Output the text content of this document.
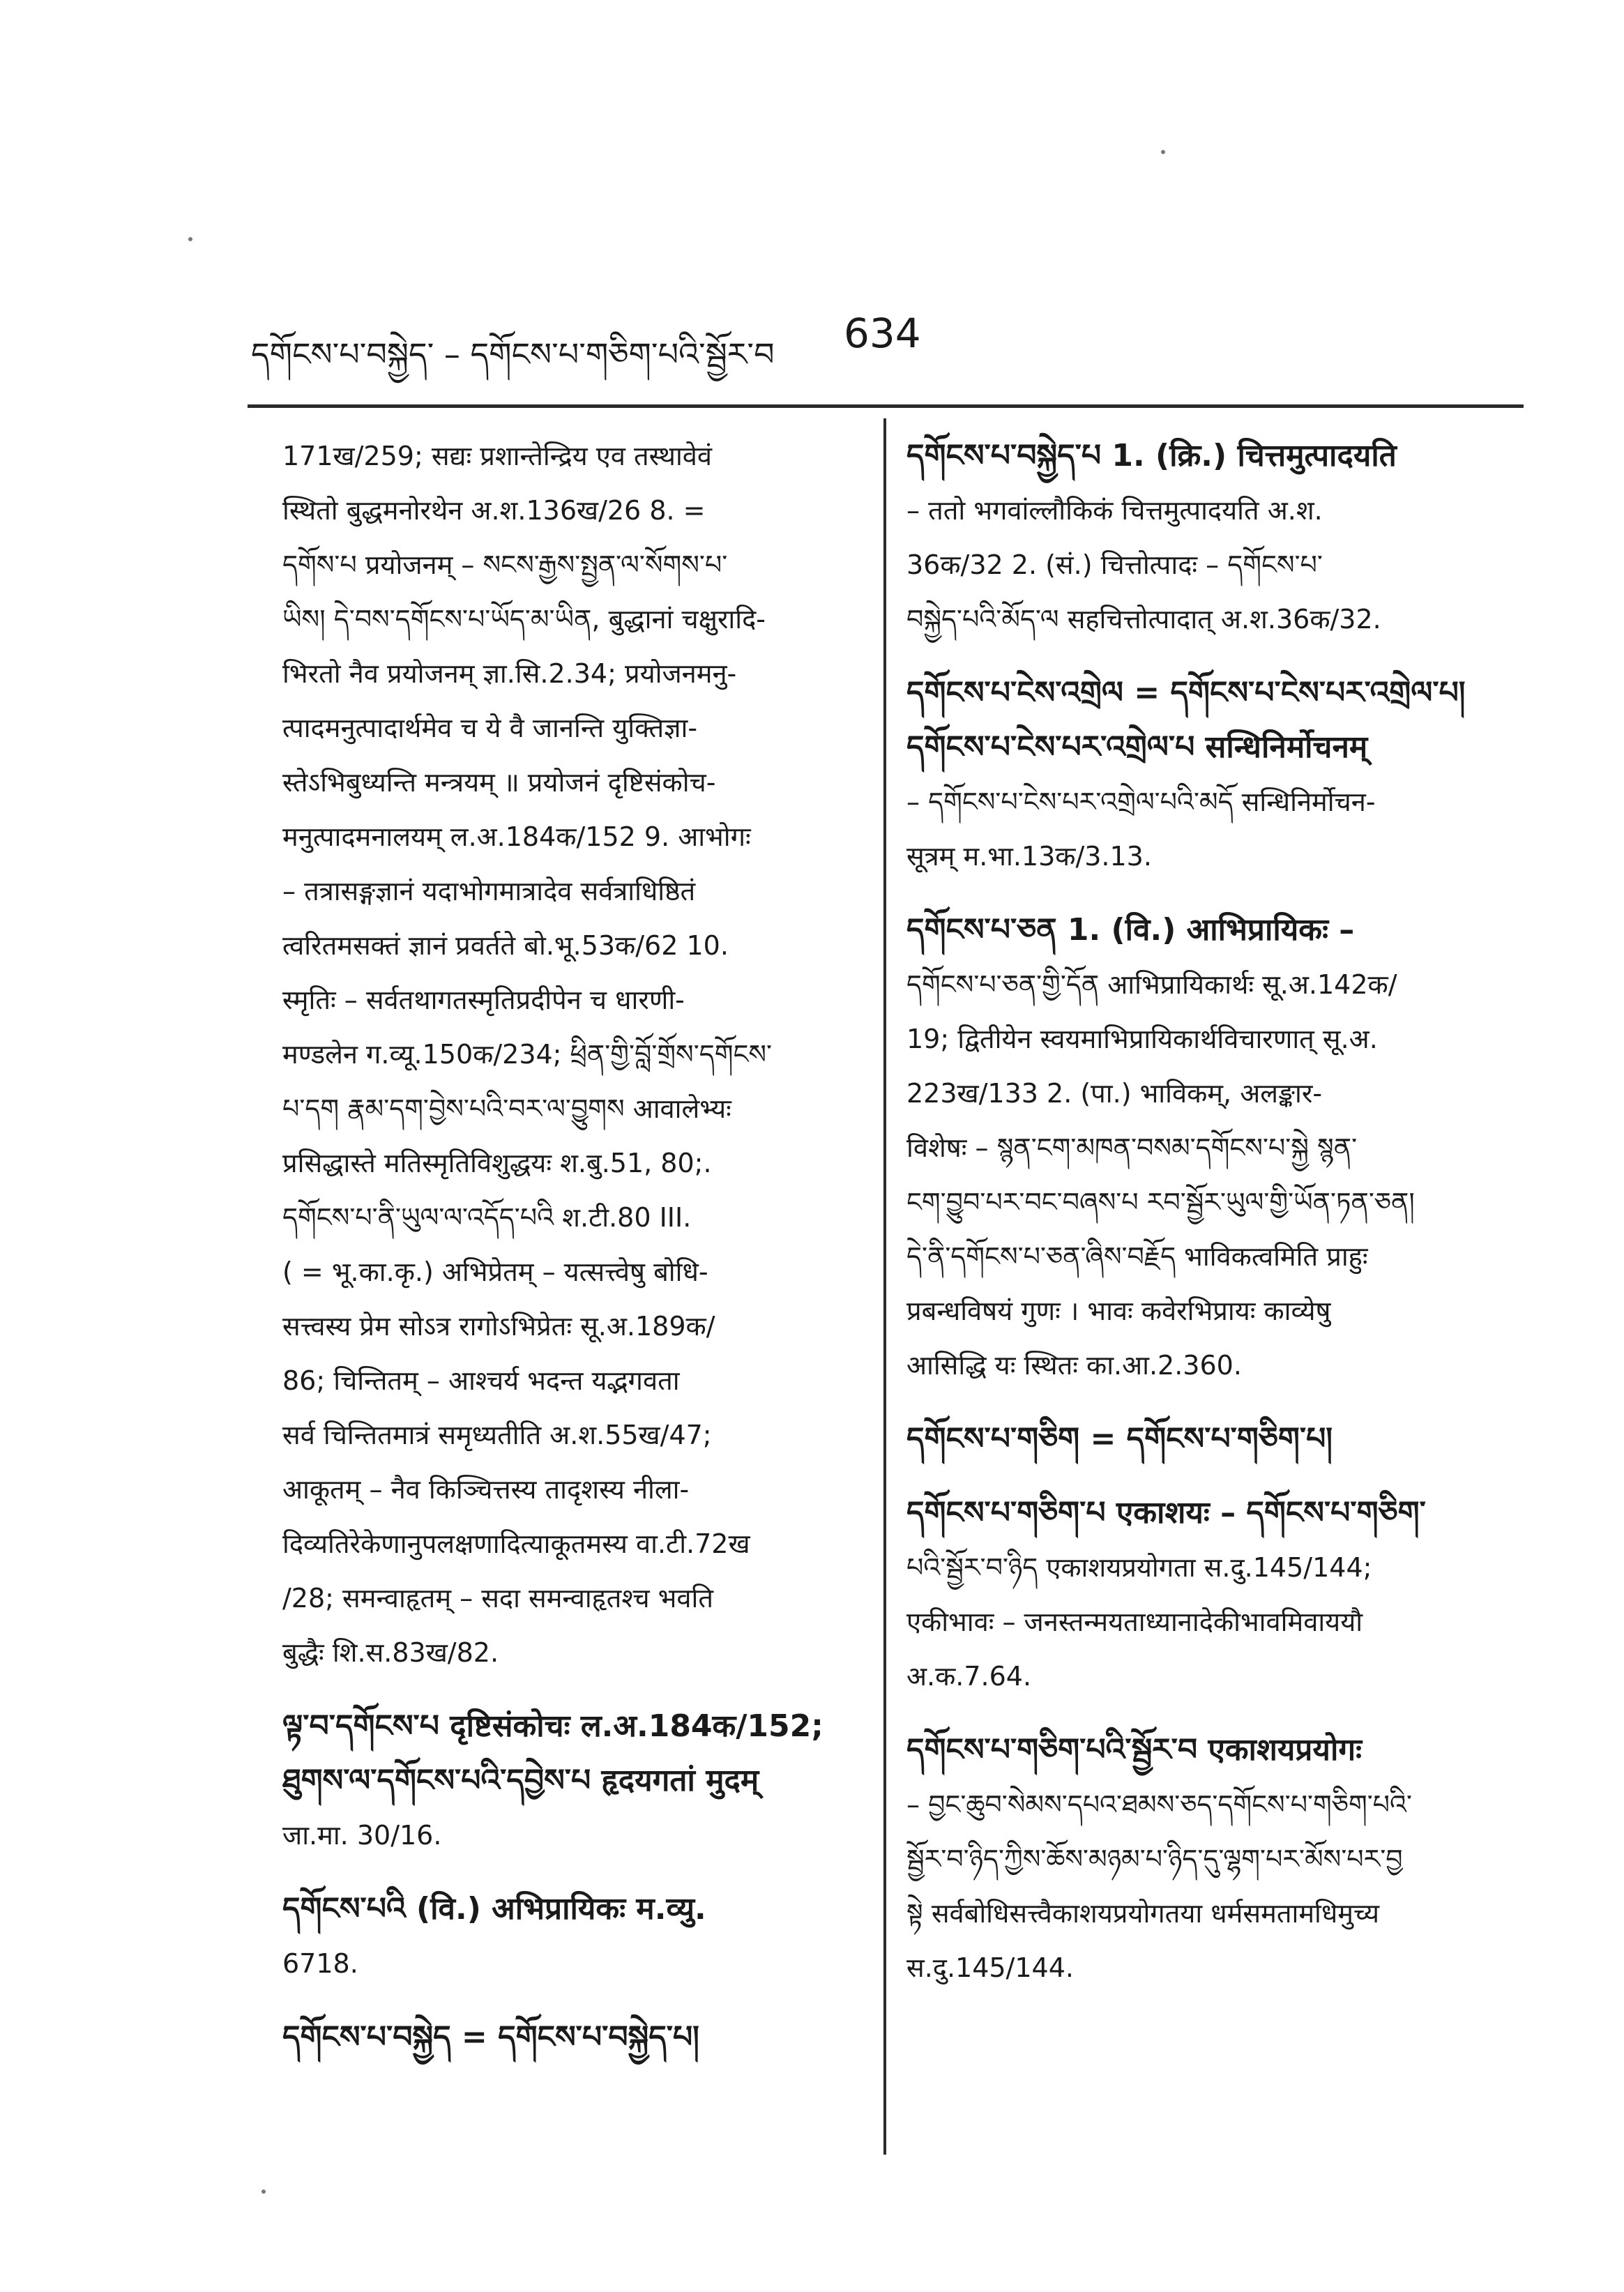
དགོངས་པ་བསྐྱེད་ – དགོངས་པ་གཅིག་པའི་སྦྱོར་བ 634
171ख/259; सद्यः प्रशान्तेन्द्रिय एव तस्थावेवं
स्थितो बुद्धमनोरथेन अ.श.136ख/26 8. =
དགོས་པ प्रयोजनम् – སངས་རྒྱས་སྤྱན་ལ་སོགས་པ་
ཡིས། དེ་བས་དགོངས་པ་ཡོད་མ་ཡིན, बुद्धानां चक्षुरादि-
भिरतो नैव प्रयोजनम् ज्ञा.सि.2.34; प्रयोजनमनु-
त्पादमनुत्पादार्थमेव च ये वै जानन्ति युक्तिज्ञा-
स्तेऽभिबुध्यन्ति मन्त्रयम् ॥ प्रयोजनं दृष्टिसंकोच-
मनुत्पादमनालयम् ल.अ.184क/152 9. आभोगः
– तत्रासङ्गज्ञानं यदाभोगमात्रादेव सर्वत्राधिष्ठितं
त्वरितमसक्तं ज्ञानं प्रवर्तते बो.भू.53क/62 10.
स्मृतिः – सर्वतथागतस्मृतिप्रदीपेन च धारणी-
मण्डलेन ग.व्यू.150क/234; ཕྲིན་གྱི་བློ་གྲོས་དགོངས་
པ་དག རྣམ་དག་བྱེས་པའི་བར་ལ་བྱུགས आवालेभ्यः
प्रसिद्धास्ते मतिस्मृतिविशुद्धयः श.बु.51, 80;.
དགོངས་པ་ནི་ཡུལ་ལ་འདོད་པའི श.टी.80 III.
( = भू.का.कृ.) अभिप्रेतम् – यत्सत्त्वेषु बोधि-
सत्त्वस्य प्रेम सोऽत्र रागोऽभिप्रेतः सू.अ.189क/
86; चिन्तितम् – आश्चर्य भदन्त यद्भगवता
सर्व चिन्तितमात्रं समृध्यतीति अ.श.55ख/47;
आकूतम् – नैव किञ्चित्तस्य तादृशस्य नीला-
दिव्यतिरेकेणानुपलक्षणादित्याकूतमस्य वा.टी.72ख
/28; समन्वाहृतम् – सदा समन्वाहृतश्च भवति
बुद्धैः शि.स.83ख/82.
ལྟ་བ་དགོངས་པ दृष्टिसंकोचः ल.अ.184क/152;
ཐུགས་ལ་དགོངས་པའི་དབྱེས་པ हृदयगतां मुदम्
जा.मा. 30/16.
དགོངས་པའི (वि.) अभिप्रायिकः म.व्यु.
6718.
དགོངས་པ་བསྐྱེད = དགོངས་པ་བསྐྱེད་པ།
དགོངས་པ་བསྐྱེད་པ 1. (क्रि.) चित्तमुत्पादयति
– ततो भगवांल्लौकिकं चित्तमुत्पादयति अ.श.
36क/32 2. (सं.) चित्तोत्पादः – དགོངས་པ་
བསྐྱེད་པའི་མོད་ལ सहचित्तोत्पादात् अ.श.36क/32.
དགོངས་པ་ངེས་འགྲེལ = དགོངས་པ་ངེས་པར་འགྲེལ་པ།
དགོངས་པ་ངེས་པར་འགྲེལ་པ सन्धिनिर्मोचनम्
– དགོངས་པ་ངེས་པར་འགྲེལ་པའི་མདོ सन्धिनिर्मोचन-
सूत्रम् म.भा.13क/3.13.
དགོངས་པ་ཅན 1. (वि.) आभिप्रायिकः –
དགོངས་པ་ཅན་གྱི་དོན आभिप्रायिकार्थः सू.अ.142क/
19; द्वितीयेन स्वयमाभिप्रायिकार्थविचारणात् सू.अ.
223ख/133 2. (पा.) भाविकम्, अलङ्कार-
विशेषः – སྙན་ངག་མཁན་བསམ་དགོངས་པ་སྐྱེ སྙན་
ངག་བྱུབ་པར་བང་བཞས་པ རབ་སྦྱོར་ཡུལ་གྱི་ཡོན་ཏན་ཅན།
དེ་ནི་དགོངས་པ་ཅན་ཞིས་བརྗོད भाविकत्वमिति प्राहुः
प्रबन्धविषयं गुणः । भावः कवेरभिप्रायः काव्येषु
आसिद्धि यः स्थितः का.आ.2.360.
དགོངས་པ་གཅིག = དགོངས་པ་གཅིག་པ།
དགོངས་པ་གཅིག་པ एकाशयः – དགོངས་པ་གཅིག་
པའི་སྦྱོར་བ་ཉིད एकाशयप्रयोगता स.दु.145/144;
एकीभावः – जनस्तन्मयताध्यानादेकीभावमिवाययौ
अ.क.7.64.
དགོངས་པ་གཅིག་པའི་སྦྱོར་བ एकाशयप्रयोगः
– བྱང་ཆུབ་སེམས་དཔའ་ཐམས་ཅད་དགོངས་པ་གཅིག་པའི་
སྦྱོར་བ་ཉིད་ཀྱིས་ཆོས་མཉམ་པ་ཉིད་དུ་ལྷག་པར་མོས་པར་བྱ
སྟེ सर्वबोधिसत्त्वैकाशयप्रयोगतया धर्मसमतामधिमुच्य
स.दु.145/144.
